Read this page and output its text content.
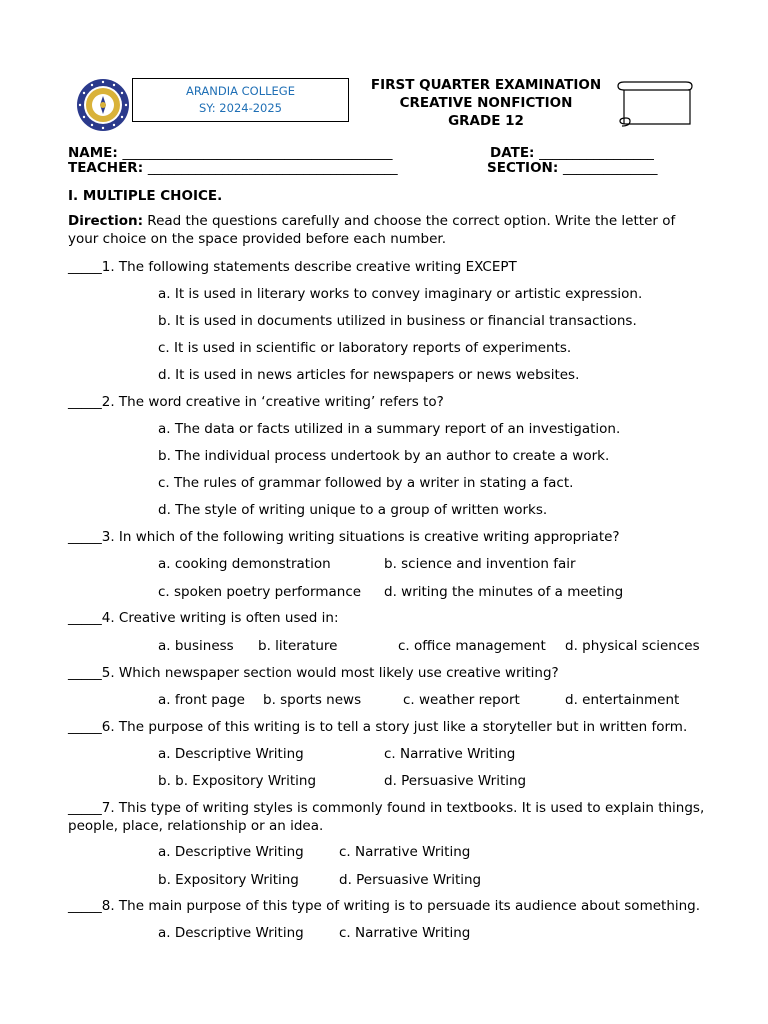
ARANDIA COLLEGE
SY: 2024-2025
FIRST QUARTER EXAMINATION
CREATIVE NONFICTION
GRADE 12
NAME: ________________________________________	DATE: _________________
TEACHER: _____________________________________	SECTION: ______________
I. MULTIPLE CHOICE.
Direction: Read the questions carefully and choose the correct option. Write the letter of your choice on the space provided before each number.
_____1. The following statements describe creative writing EXCEPT
a. It is used in literary works to convey imaginary or artistic expression.
b. It is used in documents utilized in business or financial transactions.
c. It is used in scientific or laboratory reports of experiments.
d. It is used in news articles for newspapers or news websites.
_____2. The word creative in ‘creative writing’ refers to?
a. The data or facts utilized in a summary report of an investigation.
b. The individual process undertook by an author to create a work.
c. The rules of grammar followed by a writer in stating a fact.
d. The style of writing unique to a group of written works.
_____3. In which of the following writing situations is creative writing appropriate?
a. cooking demonstration	b. science and invention fair
c. spoken poetry performance d. writing the minutes of a meeting
_____4. Creative writing is often used in:
a. business b. literature	c. office management d. physical sciences
_____5. Which newspaper section would most likely use creative writing?
a. front page b. sports news	c. weather report	d. entertainment
_____6. The purpose of this writing is to tell a story just like a storyteller but in written form.
a. Descriptive Writing	c. Narrative Writing
b. b. Expository Writing	d. Persuasive Writing
_____7. This type of writing styles is commonly found in textbooks. It is used to explain things, people, place, relationship or an idea.
a. Descriptive Writing	c. Narrative Writing
b. Expository Writing	d. Persuasive Writing
_____8. The main purpose of this type of writing is to persuade its audience about something.
a. Descriptive Writing	c. Narrative Writing
